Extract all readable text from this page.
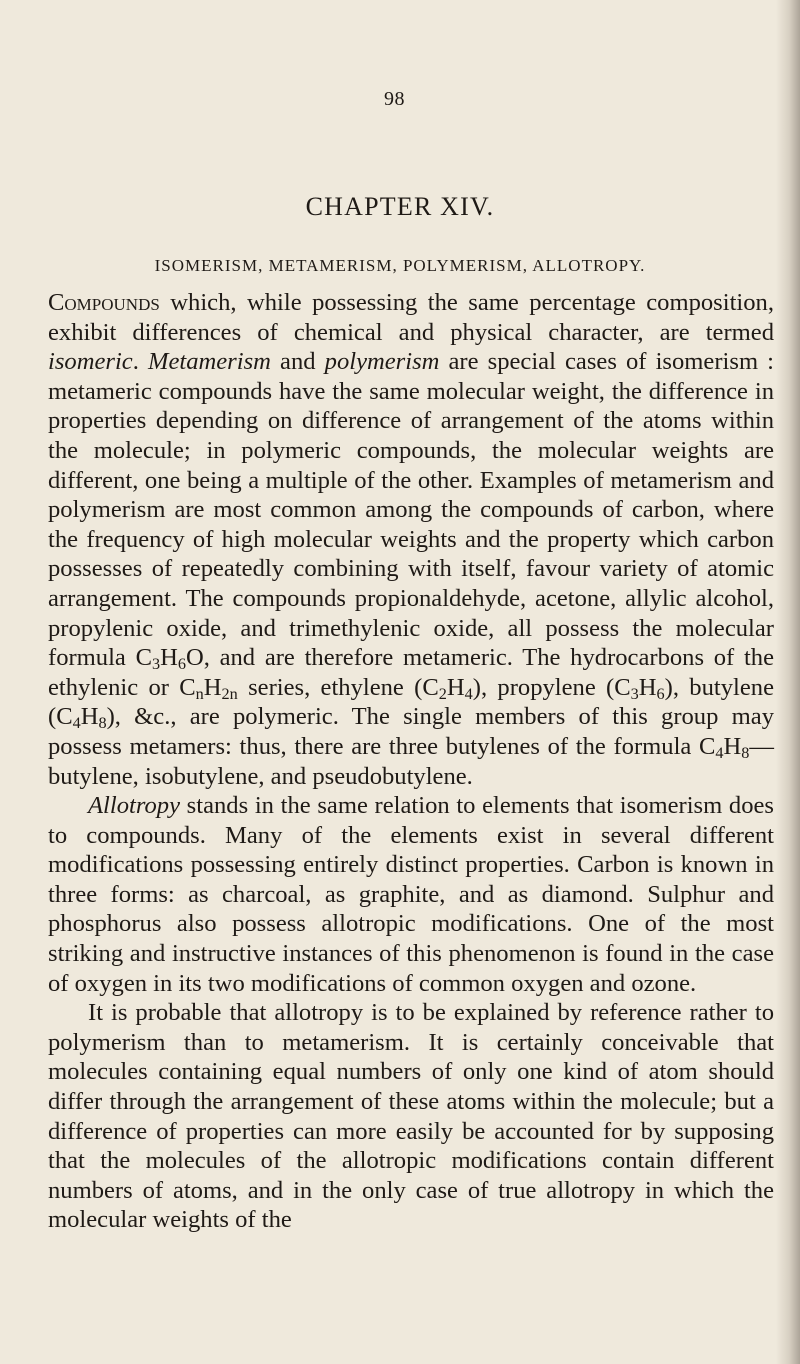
98
CHAPTER XIV.
ISOMERISM, METAMERISM, POLYMERISM, ALLOTROPY.

Compounds which, while possessing the same percentage composition, exhibit differences of chemical and physical character, are termed isomeric. Metamerism and polymerism are special cases of isomerism : metameric compounds have the same molecular weight, the difference in properties depending on difference of arrangement of the atoms within the molecule; in polymeric compounds, the molecular weights are different, one being a multiple of the other. Examples of metamerism and polymerism are most common among the compounds of carbon, where the frequency of high molecular weights and the property which carbon possesses of repeatedly combining with itself, favour variety of atomic arrangement. The compounds propionaldehyde, acetone, allylic alcohol, propylenic oxide, and trimethylenic oxide, all possess the molecular formula $C_3H_6O$, and are therefore metameric. The hydrocarbons of the ethylenic or $C_nH_{2n}$ series, ethylene $(C_2H_4)$, propylene $(C_3H_6)$, butylene $(C_4H_8)$, &c., are polymeric. The single members of this group may possess metamers: thus, there are three butylenes of the formula $C_4H_8—butylene$, isobutylene, and pseudobutylene.

Allotropy stands in the same relation to elements that isomerism does to compounds. Many of the elements exist in several different modifications possessing entirely distinct properties. Carbon is known in three forms: as charcoal, as graphite, and as diamond. Sulphur and phosphorus also possess allotropic modifications. One of the most striking and instructive instances of this phenomenon is found in the case of oxygen in its two modifications of common oxygen and ozone.

It is probable that allotropy is to be explained by reference rather to polymerism than to metamerism. It is certainly conceivable that molecules containing equal numbers of only one kind of atom should differ through the arrangement of these atoms within the molecule; but a difference of properties can more easily be accounted for by supposing that the molecules of the allotropic modifications contain different numbers of atoms, and in the only case of true allotropy in which the molecular weights of the
